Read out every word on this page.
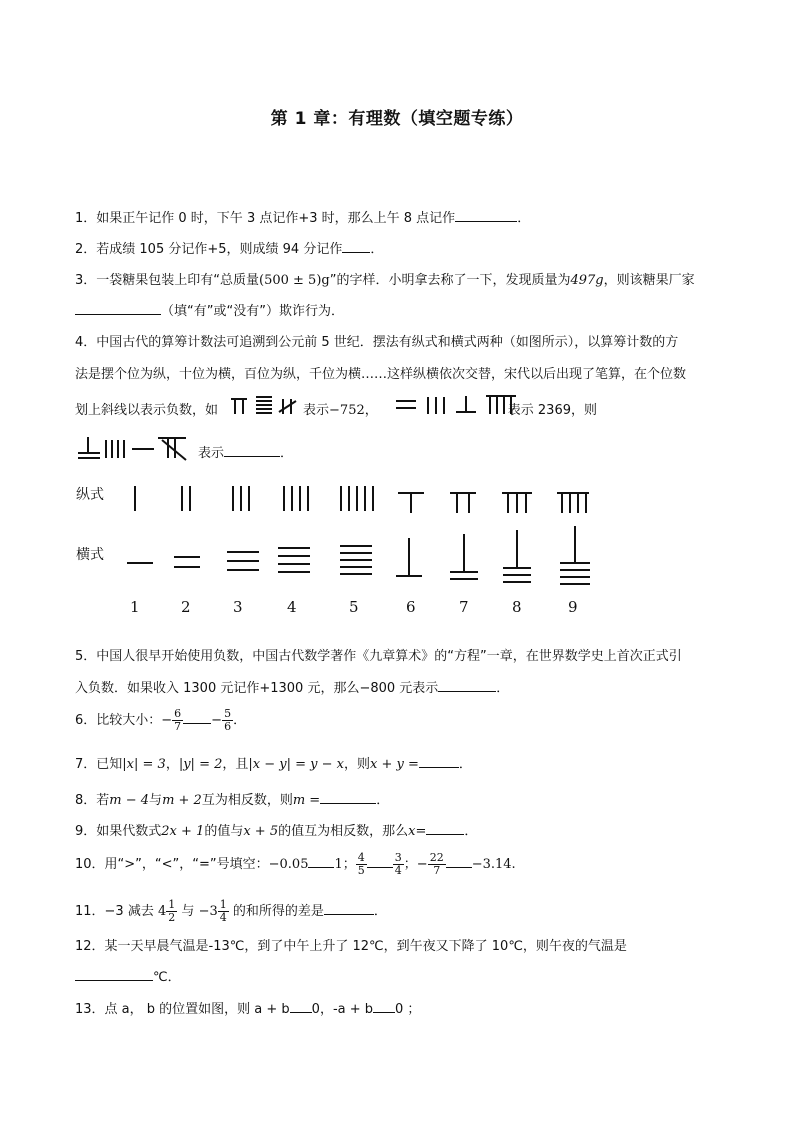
第 1 章：有理数（填空题专练）
1．如果正午记作 0 时，下午 3 点记作+3 时，那么上午 8 点记作	．
2．若成绩 105 分记作+5，则成绩 94 分记作 ．
3．一袋糖果包装上印有“总质量(500 ± 5)g”的字样．小明拿去称了一下，发现质量为497g，则该糖果厂家
（填“有”或“没有”）欺诈行为．
4．中国古代的算筹计数法可追溯到公元前 5 世纪．摆法有纵式和横式两种（如图所示），以算筹计数的方
法是摆个位为纵，十位为横，百位为纵，千位为横……这样纵横依次交替，宋代以后出现了笔算，在个位数
划上斜线以表示负数，如	表示−752，	表示 2369，则
表示	．
纵式
横式
1	2	3	4	5	6	7	8	9
5．中国人很早开始使用负数，中国古代数学著作《九章算术》的“方程”一章，在世界数学史上首次正式引
入负数．如果收入 1300 元记作+1300 元，那么−800 元表示	．
6．比较大小：− $\frac{6}{7} - \frac{5}{6}$ ．
7．已知|x| = 3，|y| = 2，且|x − y| = y − x，则x + y =	．
8．若m − 4与m + 2互为相反数，则m =	．
9．如果代数式2x + 1的值与x + 5的值互为相反数，那么x=	．
10．用“>”，“<”，“=”号填空：−0.05 1； $\frac{4}{5} \frac{3}{4}$ ；− $\frac{22}{7} -3.14$.
11．−3 减去 $4 \frac{1}{2}$ 与 $-3 \frac{1}{4}$ 的和所得的差是	．
12．某一天早晨气温是-13℃，到了中午上升了 12℃，到午夜又下降了 10℃，则午夜的气温是
℃．
13．点 a， b 的位置如图，则 a + b 0，-a + b 0 ；
